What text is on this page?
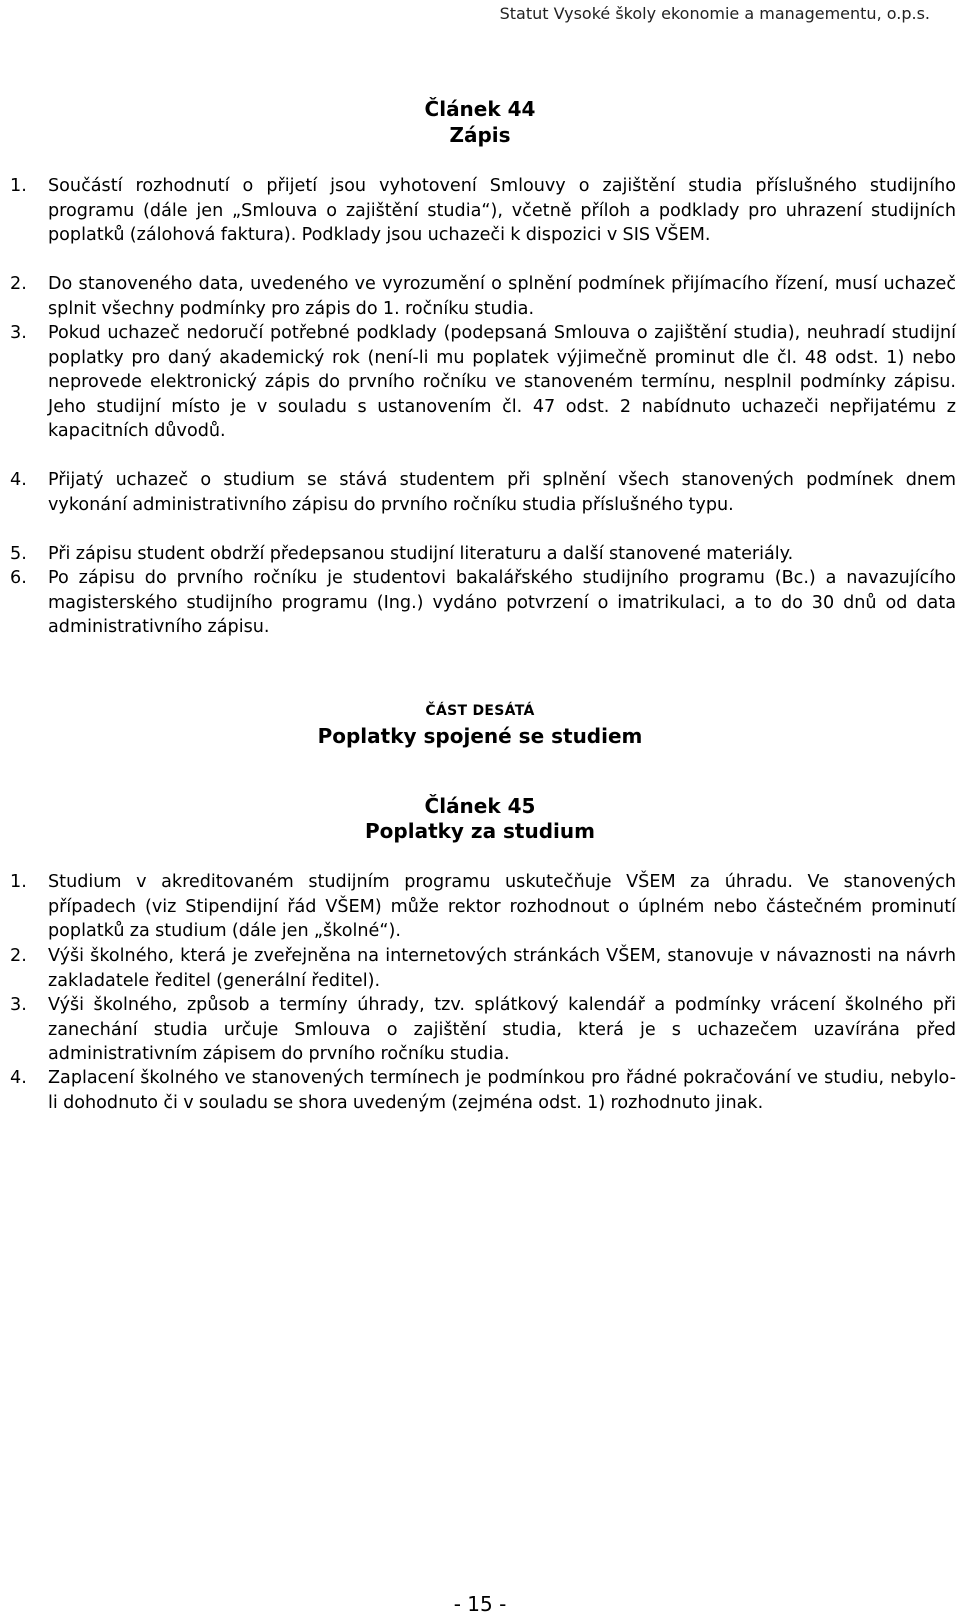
Statut Vysoké školy ekonomie a managementu, o.p.s.
Článek 44
Zápis
1. Součástí rozhodnutí o přijetí jsou vyhotovení Smlouvy o zajištění studia příslušného studijního programu (dále jen „Smlouva o zajištění studia“), včetně příloh a podklady pro uhrazení studijních poplatků (zálohová faktura). Podklady jsou uchazeči k dispozici v SIS VŠEM.
2. Do stanoveného data, uvedeného ve vyrozumění o splnění podmínek přijímacího řízení, musí uchazeč splnit všechny podmínky pro zápis do 1. ročníku studia.
3. Pokud uchazeč nedoručí potřebné podklady (podepsaná Smlouva o zajištění studia), neuhradí studijní poplatky pro daný akademický rok (není-li mu poplatek výjimečně prominut dle čl. 48 odst. 1) nebo neprovede elektronický zápis do prvního ročníku ve stanoveném termínu, nesplnil podmínky zápisu. Jeho studijní místo je v souladu s ustanovením čl. 47 odst. 2 nabídnuto uchazeči nepřijatému z kapacitních důvodů.
4. Přijatý uchazeč o studium se stává studentem při splnění všech stanovených podmínek dnem vykonání administrativního zápisu do prvního ročníku studia příslušného typu.
5. Při zápisu student obdrží předepsanou studijní literaturu a další stanovené materiály.
6. Po zápisu do prvního ročníku je studentovi bakalářského studijního programu (Bc.) a navazujícího magisterského studijního programu (Ing.) vydáno potvrzení o imatrikulaci, a to do 30 dnů od data administrativního zápisu.
ČÁST DESÁTÁ
Poplatky spojené se studiem
Článek 45
Poplatky za studium
1. Studium v akreditovaném studijním programu uskutečňuje VŠEM za úhradu. Ve stanovených případech (viz Stipendijní řád VŠEM) může rektor rozhodnout o úplném nebo částečném prominutí poplatků za studium (dále jen „školné“).
2. Výši školného, která je zveřejněna na internetových stránkách VŠEM, stanovuje v návaznosti na návrh zakladatele ředitel (generální ředitel).
3. Výši školného, způsob a termíny úhrady, tzv. splátkový kalendář a podmínky vrácení školného při zanechání studia určuje Smlouva o zajištění studia, která je s uchazečem uzavírána před administrativním zápisem do prvního ročníku studia.
4. Zaplacení školného ve stanovených termínech je podmínkou pro řádné pokračování ve studiu, nebylo-li dohodnuto či v souladu se shora uvedeným (zejména odst. 1) rozhodnuto jinak.
- 15 -
